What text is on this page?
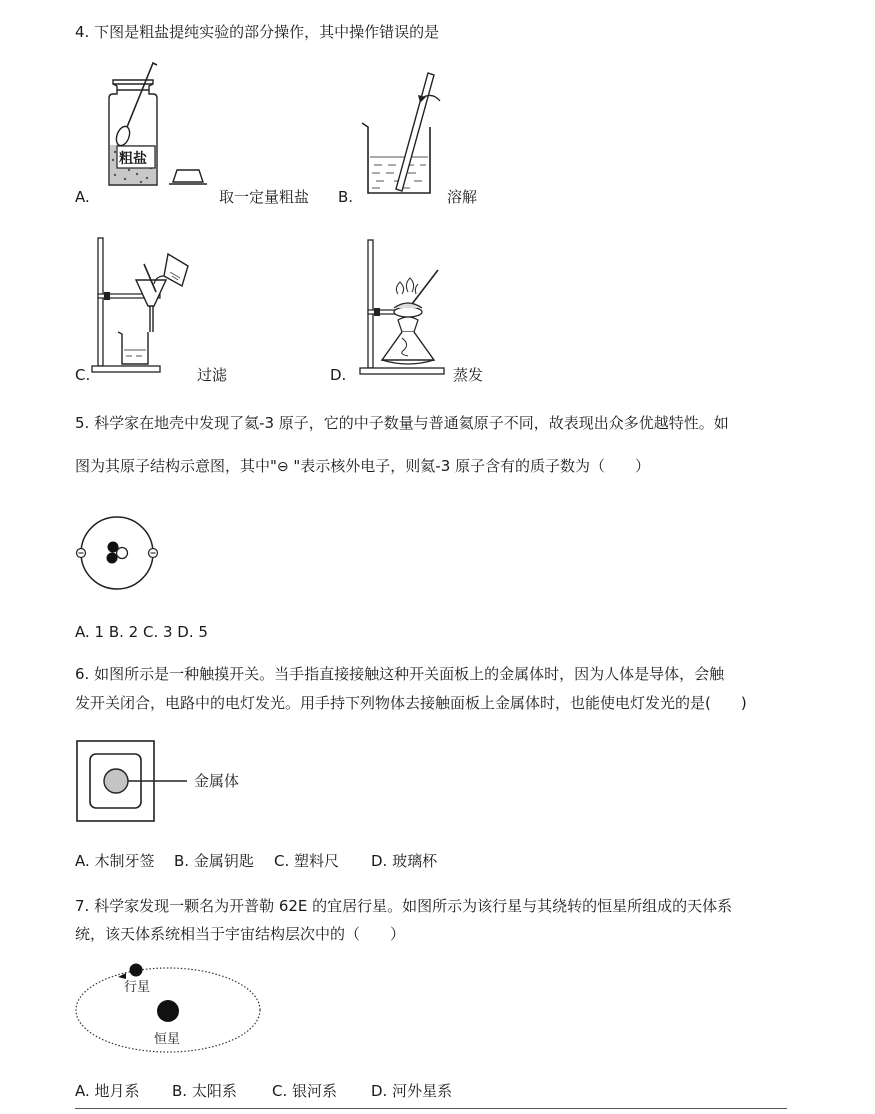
4. 下图是粗盐提纯实验的部分操作，其中操作错误的是
A.
粗盐
取一定量粗盐 B.	溶解
C.	过滤	D.	蒸发
5. 科学家在地壳中发现了氦-3 原子，它的中子数量与普通氦原子不同，故表现出众多优越特性。如
图为其原子结构示意图，其中"⊖ "表示核外电子，则氦-3 原子含有的质子数为（　　）
A. 1 B. 2 C. 3 D. 5
6. 如图所示是一种触摸开关。当手指直接接触这种开关面板上的金属体时，因为人体是导体，会触
发开关闭合，电路中的电灯发光。用手持下列物体去接触面板上金属体时，也能使电灯发光的是(　　)
金属体
A. 木制牙签 B. 金属钥匙 C. 塑料尺 D. 玻璃杯
7. 科学家发现一颗名为开普勒 62E 的宜居行星。如图所示为该行星与其绕转的恒星所组成的天体系
统，该天体系统相当于宇宙结构层次中的（　　）
行星
恒星
A. 地月系 B. 太阳系 C. 银河系 D. 河外星系
